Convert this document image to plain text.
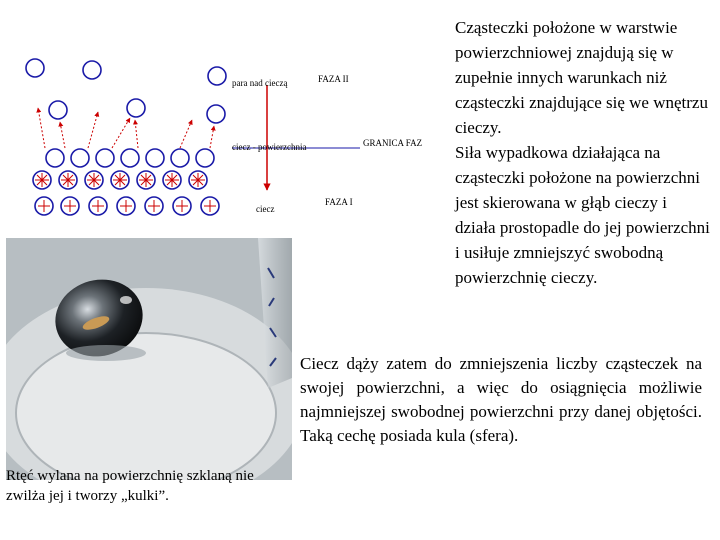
para nad cieczą	FAZA II
ciecz - powierzchnia	GRANICA FAZ
ciecz
FAZA I

Cząsteczki położone w warstwie powierzchniowej znajdują się w zupełnie innych warunkach niż cząsteczki znajdujące się we wnętrzu cieczy.

Siła wypadkowa działająca na cząsteczki położone na powierzchni jest skierowana w głąb cieczy i działa prostopadle do jej powierzchni i usiłuje zmniejszyć swobodną powierzchnię cieczy.

Rtęć wylana na powierzchnię szklaną nie zwilża jej i tworzy „kulki”.

Ciecz dąży zatem do zmniejszenia liczby cząsteczek na swojej powierzchni, a więc do osiągnięcia możliwie najmniejszej swobodnej powierzchni przy danej objętości. Taką cechę posiada kula (sfera).
